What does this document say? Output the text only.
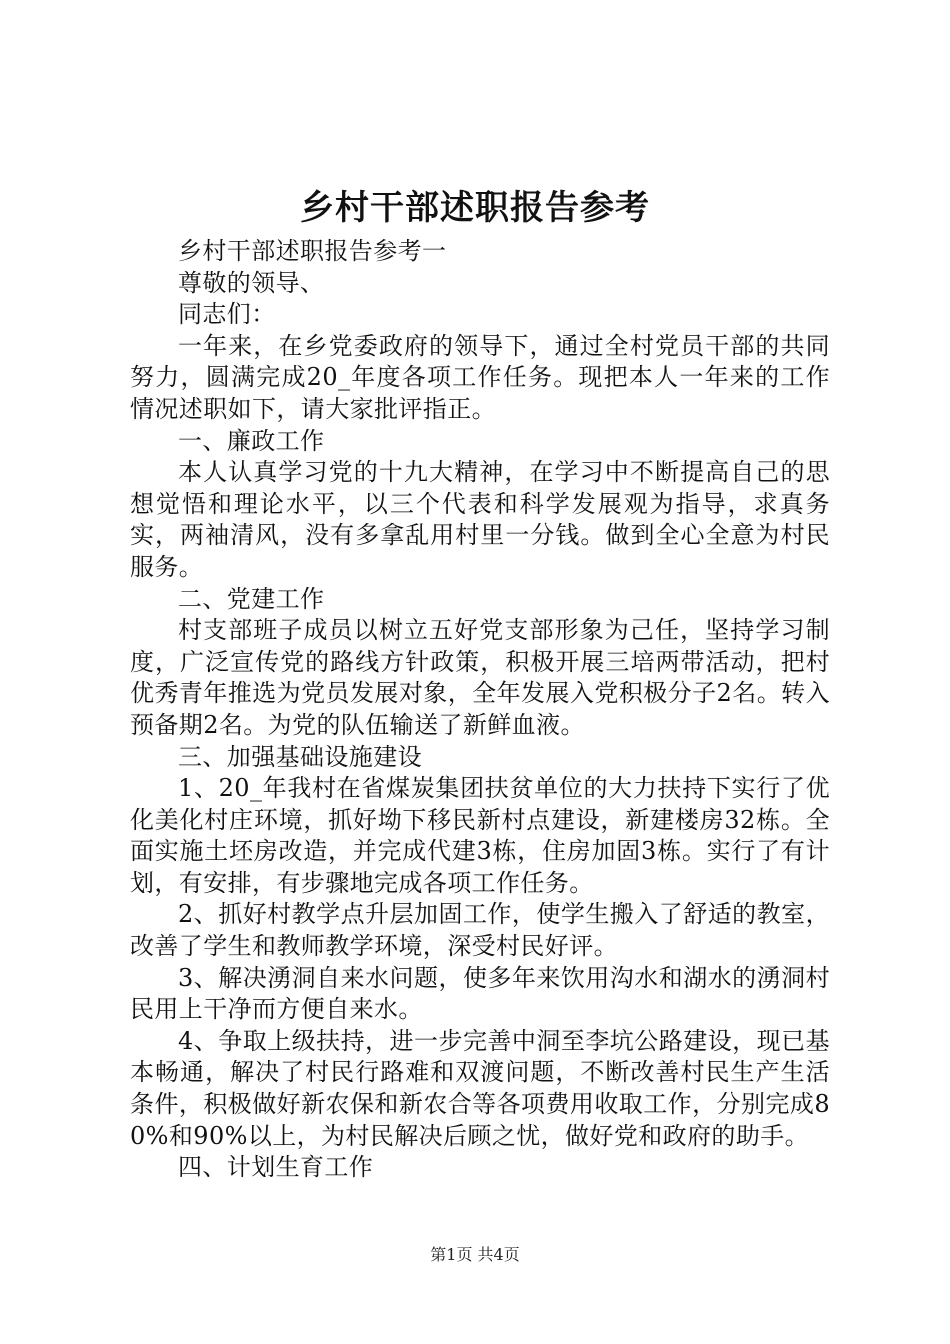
乡村干部述职报告参考

乡村干部述职报告参考一

尊敬的领导、

同志们：

一年来，在乡党委政府的领导下，通过全村党员干部的共同努力，圆满完成20_年度各项工作任务。现把本人一年来的工作情况述职如下，请大家批评指正。

一、廉政工作

本人认真学习党的十九大精神，在学习中不断提高自己的思想觉悟和理论水平，以三个代表和科学发展观为指导，求真务实，两袖清风，没有多拿乱用村里一分钱。做到全心全意为村民服务。

二、党建工作

村支部班子成员以树立五好党支部形象为己任，坚持学习制度，广泛宣传党的路线方针政策，积极开展三培两带活动，把村优秀青年推选为党员发展对象，全年发展入党积极分子2名。转入预备期2名。为党的队伍输送了新鲜血液。

三、加强基础设施建设

1、20_年我村在省煤炭集团扶贫单位的大力扶持下实行了优化美化村庄环境，抓好坳下移民新村点建设，新建楼房32栋。全面实施土坯房改造，并完成代建3栋，住房加固3栋。实行了有计划，有安排，有步骤地完成各项工作任务。

2、抓好村教学点升层加固工作，使学生搬入了舒适的教室，改善了学生和教师教学环境，深受村民好评。

3、解决湧洞自来水问题，使多年来饮用沟水和湖水的湧洞村民用上干净而方便自来水。

4、争取上级扶持，进一步完善中洞至李坑公路建设，现已基本畅通，解决了村民行路难和双渡问题，不断改善村民生产生活条件，积极做好新农保和新农合等各项费用收取工作，分别完成80%和90%以上，为村民解决后顾之忧，做好党和政府的助手。

四、计划生育工作

第1页 共4页
